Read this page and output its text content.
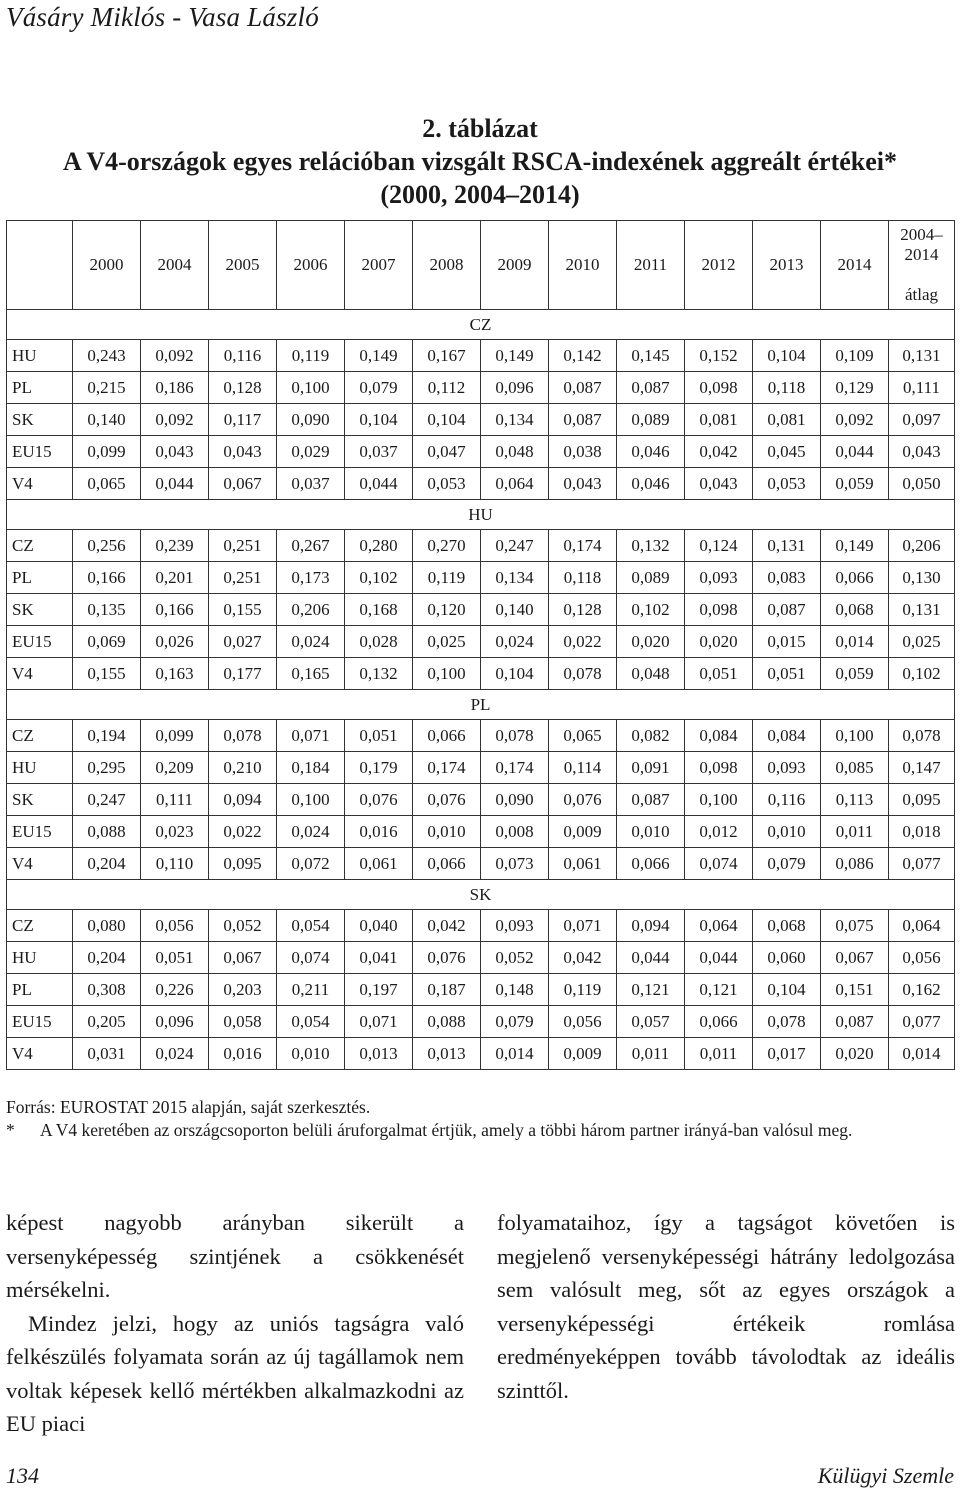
Vásáry Miklós - Vasa László
2. táblázat
A V4-országok egyes relációban vizsgált RSCA-indexének aggreált értékei*
(2000, 2004–2014)
	2000	2004	2005	2006	2007	2008	2009	2010	2011	2012	2013	2014	2004–
2014
átlag

CZ													
HU	0,243	0,092	0,116	0,119	0,149	0,167	0,149	0,142	0,145	0,152	0,104	0,109	0,131
PL	0,215	0,186	0,128	0,100	0,079	0,112	0,096	0,087	0,087	0,098	0,118	0,129	0,111
SK	0,140	0,092	0,117	0,090	0,104	0,104	0,134	0,087	0,089	0,081	0,081	0,092	0,097
EU15	0,099	0,043	0,043	0,029	0,037	0,047	0,048	0,038	0,046	0,042	0,045	0,044	0,043
V4	0,065	0,044	0,067	0,037	0,044	0,053	0,064	0,043	0,046	0,043	0,053	0,059	0,050
HU													
CZ	0,256	0,239	0,251	0,267	0,280	0,270	0,247	0,174	0,132	0,124	0,131	0,149	0,206
PL	0,166	0,201	0,251	0,173	0,102	0,119	0,134	0,118	0,089	0,093	0,083	0,066	0,130
SK	0,135	0,166	0,155	0,206	0,168	0,120	0,140	0,128	0,102	0,098	0,087	0,068	0,131
EU15	0,069	0,026	0,027	0,024	0,028	0,025	0,024	0,022	0,020	0,020	0,015	0,014	0,025
V4	0,155	0,163	0,177	0,165	0,132	0,100	0,104	0,078	0,048	0,051	0,051	0,059	0,102
PL													
CZ	0,194	0,099	0,078	0,071	0,051	0,066	0,078	0,065	0,082	0,084	0,084	0,100	0,078
HU	0,295	0,209	0,210	0,184	0,179	0,174	0,174	0,114	0,091	0,098	0,093	0,085	0,147
SK	0,247	0,111	0,094	0,100	0,076	0,076	0,090	0,076	0,087	0,100	0,116	0,113	0,095
EU15	0,088	0,023	0,022	0,024	0,016	0,010	0,008	0,009	0,010	0,012	0,010	0,011	0,018
V4	0,204	0,110	0,095	0,072	0,061	0,066	0,073	0,061	0,066	0,074	0,079	0,086	0,077
SK													
CZ	0,080	0,056	0,052	0,054	0,040	0,042	0,093	0,071	0,094	0,064	0,068	0,075	0,064
HU	0,204	0,051	0,067	0,074	0,041	0,076	0,052	0,042	0,044	0,044	0,060	0,067	0,056
PL	0,308	0,226	0,203	0,211	0,197	0,187	0,148	0,119	0,121	0,121	0,104	0,151	0,162
EU15	0,205	0,096	0,058	0,054	0,071	0,088	0,079	0,056	0,057	0,066	0,078	0,087	0,077
V4	0,031	0,024	0,016	0,010	0,013	0,013	0,014	0,009	0,011	0,011	0,017	0,020	0,014
Forrás: EUROSTAT 2015 alapján, saját szerkesztés.
*	A V4 keretében az országcsoporton belüli áruforgalmat értjük, amely a többi három partner irányá-ban valósul meg.

képest nagyobb arányban sikerült a versenyképesség szintjének a csökkenését mérsékelni.

Mindez jelzi, hogy az uniós tagságra való felkészülés folyamata során az új tagállamok nem voltak képesek kellő mértékben alkalmazkodni az EU piaci

folyamataihoz, így a tagságot követően is megjelenő versenyképességi hátrány ledolgozása sem valósult meg, sőt az egyes országok a versenyképességi értékeik romlása eredményeképpen tovább távolodtak az ideális szinttől.

134	Külügyi Szemle
